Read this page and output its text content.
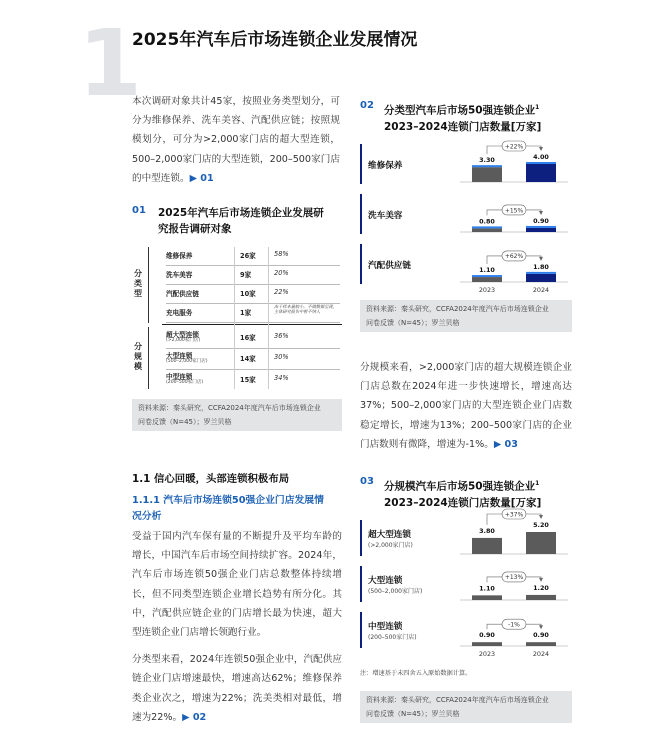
1
2025年汽车后市场连锁企业发展情况
本次调研对象共计45家，按照业务类型划分，可分为维修保养、洗车美容、汽配供应链；按照规模划分，可分为>2,000家门店的超大型连锁，500–2,000家门店的大型连锁，200–500家门店的中型连锁。▶ 01
01 2025年汽车后市场连锁企业发展研
究报告调研对象
分类型
分规模
维修保养	26家	58%
洗车美容	9家	20%
汽配供应链	10家	22%
充电服务	1家
由于样本量较小，不做数据呈现，主体研究报告中暂不纳入
超大型连锁
(>2,000家门店)	16家	36%
大型连锁
(500–2,000家门店)	14家	30%
中型连锁
(200–500家门店)	15家	34%
资料来源：秦头研究，CCFA2024年度汽车后市场连锁企业
问卷反馈（N=45）；罗兰贝格
1.1 信心回暖，头部连锁积极布局
1.1.1 汽车后市场连锁50强企业门店发展情
况分析
受益于国内汽车保有量的不断提升及平均车龄的增长，中国汽车后市场空间持续扩容。2024年，汽车后市场连锁50强企业门店总数整体持续增长，但不同类型连锁企业增长趋势有所分化。其中，汽配供应链企业的门店增长最为快速，超大型连锁企业门店增长领跑行业。
分类型来看，2024年连锁50强企业中，汽配供应链企业门店增速最快，增速高达62%；维修保养类企业次之，增速为22%；洗美类相对最低，增速为22%。▶ 02
02 分类型汽车后市场50强连锁企业$^1$
2023–2024连锁门店数量[万家]
维修保养
3.30	4.00
+22%
洗车美容
0.80	0.90
+15%
汽配供应链	1.10	1.80
+62%
2023	2024
资料来源：秦头研究，CCFA2024年度汽车后市场连锁企业
问卷反馈（N=45）；罗兰贝格
分规模来看，>2,000家门店的超大规模连锁企业门店总数在2024年进一步快速增长，增速高达37%；500–2,000家门店的大型连锁企业门店数稳定增长，增速为13%；200–500家门店的企业门店数则有微降，增速为-1%。▶ 03
03 分规模汽车后市场50强连锁企业$^1$
2023–2024连锁门店数量[万家]
超大型连锁
(>2,000家门店)
3.80
5.20
+37%
大型连锁
(500–2,000家门店)	1.10	1.20
+13%
中型连锁
(200–500家门店)	0.90	0.90
-1%
2023	2024
注：增速基于未四舍五入原始数据计算。
资料来源：秦头研究，CCFA2024年度汽车后市场连锁企业
问卷反馈（N=45）；罗兰贝格
